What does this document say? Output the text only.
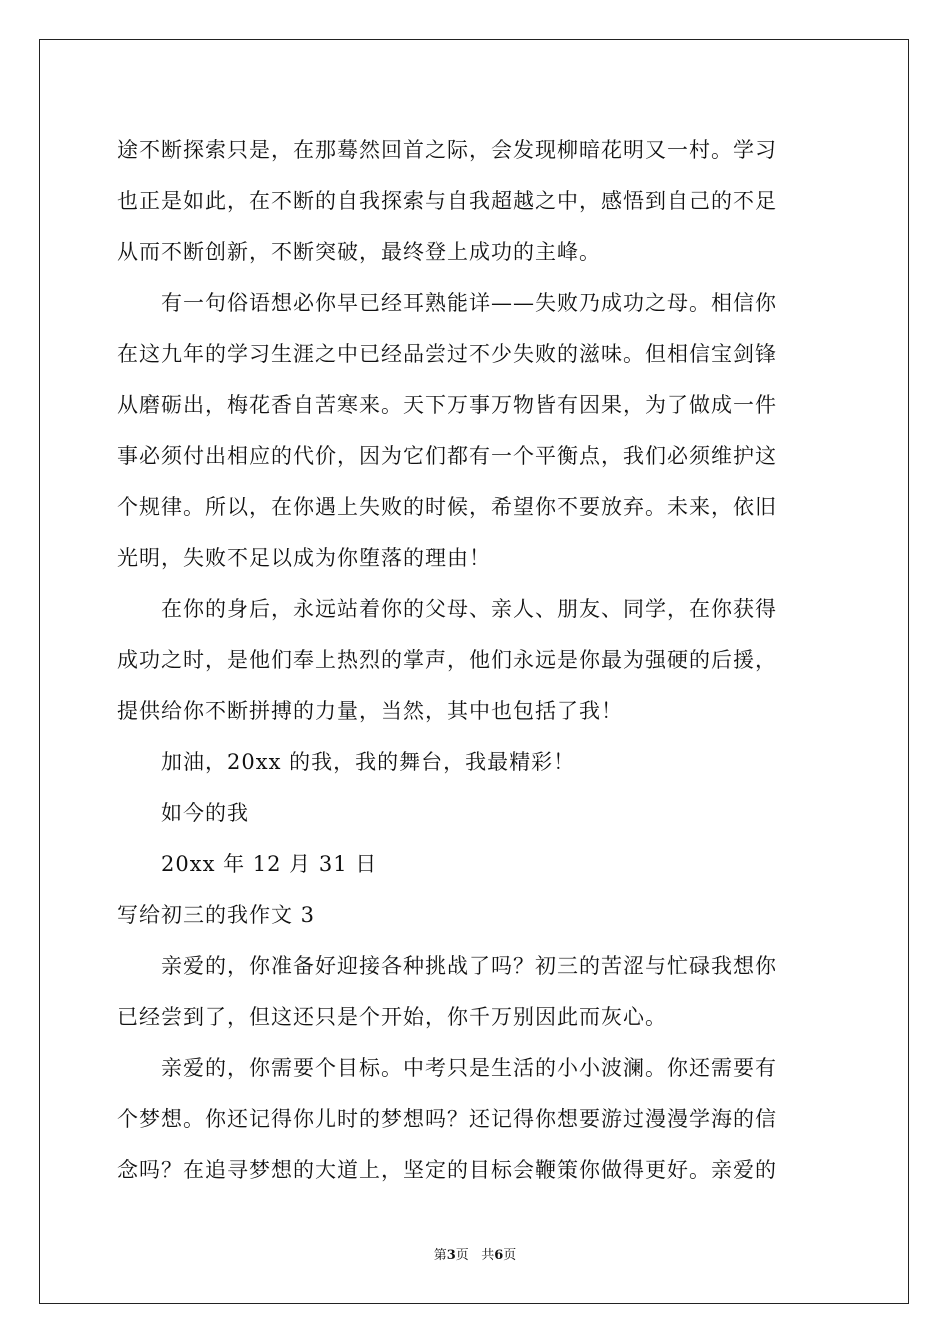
途不断探索只是，在那蓦然回首之际，会发现柳暗花明又一村。学习
也正是如此，在不断的自我探索与自我超越之中，感悟到自己的不足
从而不断创新，不断突破，最终登上成功的主峰。
有一句俗语想必你早已经耳熟能详——失败乃成功之母。相信你
在这九年的学习生涯之中已经品尝过不少失败的滋味。但相信宝剑锋
从磨砺出，梅花香自苦寒来。天下万事万物皆有因果，为了做成一件
事必须付出相应的代价，因为它们都有一个平衡点，我们必须维护这
个规律。所以，在你遇上失败的时候，希望你不要放弃。未来，依旧
光明，失败不足以成为你堕落的理由！
在你的身后，永远站着你的父母、亲人、朋友、同学，在你获得
成功之时，是他们奉上热烈的掌声，他们永远是你最为强硬的后援，
提供给你不断拼搏的力量，当然，其中也包括了我！
加油，20xx 的我，我的舞台，我最精彩！
如今的我
20xx 年 12 月 31 日
写给初三的我作文 3
亲爱的，你准备好迎接各种挑战了吗？初三的苦涩与忙碌我想你
已经尝到了，但这还只是个开始，你千万别因此而灰心。
亲爱的，你需要个目标。中考只是生活的小小波澜。你还需要有
个梦想。你还记得你儿时的梦想吗？还记得你想要游过漫漫学海的信
念吗？在追寻梦想的大道上，坚定的目标会鞭策你做得更好。亲爱的
第3页 共6页
